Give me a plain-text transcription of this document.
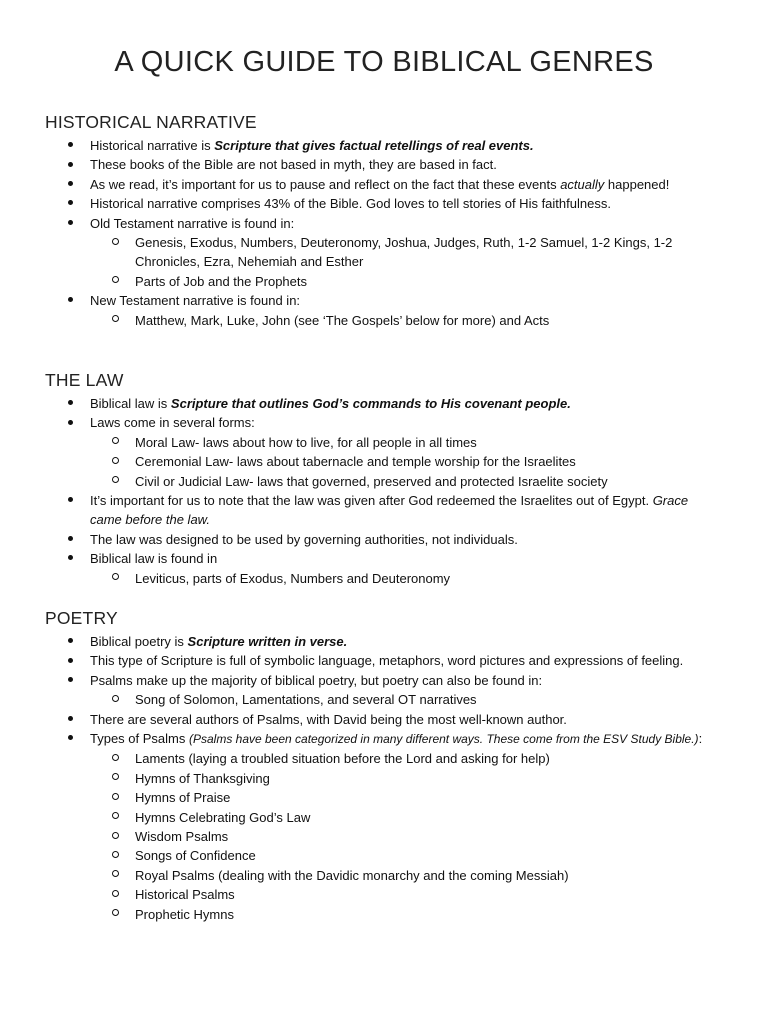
A QUICK GUIDE TO BIBLICAL GENRES
HISTORICAL NARRATIVE
Historical narrative is Scripture that gives factual retellings of real events.
These books of the Bible are not based in myth, they are based in fact.
As we read, it’s important for us to pause and reflect on the fact that these events actually happened!
Historical narrative comprises 43% of the Bible. God loves to tell stories of His faithfulness.
Old Testament narrative is found in:
Genesis, Exodus, Numbers, Deuteronomy, Joshua, Judges, Ruth, 1-2 Samuel, 1-2 Kings, 1-2 Chronicles, Ezra, Nehemiah and Esther
Parts of Job and the Prophets
New Testament narrative is found in:
Matthew, Mark, Luke, John (see ‘The Gospels’ below for more) and Acts
THE LAW
Biblical law is Scripture that outlines God’s commands to His covenant people.
Laws come in several forms:
Moral Law- laws about how to live, for all people in all times
Ceremonial Law- laws about tabernacle and temple worship for the Israelites
Civil or Judicial Law- laws that governed, preserved and protected Israelite society
It’s important for us to note that the law was given after God redeemed the Israelites out of Egypt. Grace came before the law.
The law was designed to be used by governing authorities, not individuals.
Biblical law is found in
Leviticus, parts of Exodus, Numbers and Deuteronomy
POETRY
Biblical poetry is Scripture written in verse.
This type of Scripture is full of symbolic language, metaphors, word pictures and expressions of feeling.
Psalms make up the majority of biblical poetry, but poetry can also be found in:
Song of Solomon, Lamentations, and several OT narratives
There are several authors of Psalms, with David being the most well-known author.
Types of Psalms (Psalms have been categorized in many different ways. These come from the ESV Study Bible.):
Laments (laying a troubled situation before the Lord and asking for help)
Hymns of Thanksgiving
Hymns of Praise
Hymns Celebrating God’s Law
Wisdom Psalms
Songs of Confidence
Royal Psalms (dealing with the Davidic monarchy and the coming Messiah)
Historical Psalms
Prophetic Hymns
